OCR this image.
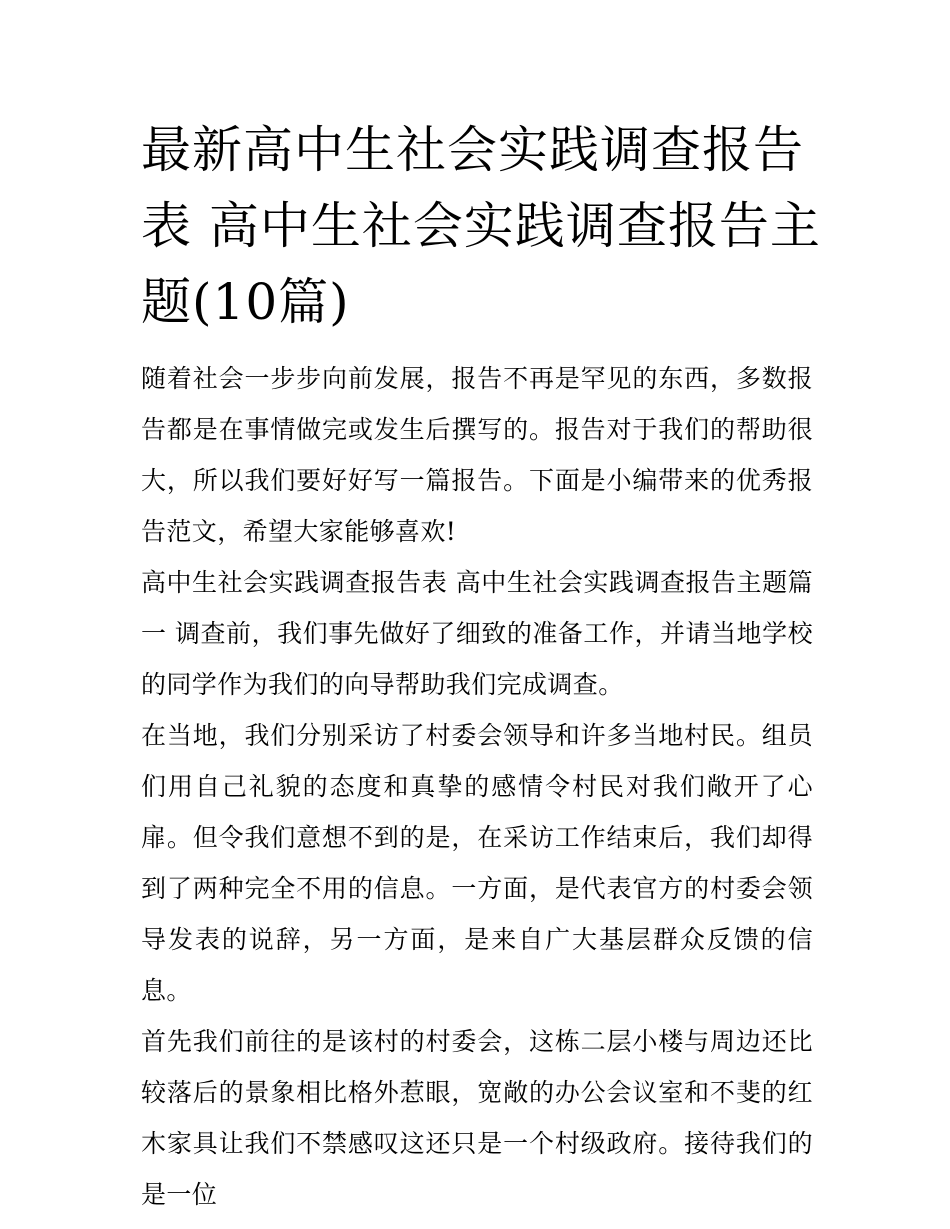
最新高中生社会实践调查报告表 高中生社会实践调查报告主题(10篇)

随着社会一步步向前发展，报告不再是罕见的东西，多数报告都是在事情做完或发生后撰写的。报告对于我们的帮助很大，所以我们要好好写一篇报告。下面是小编带来的优秀报告范文，希望大家能够喜欢!

高中生社会实践调查报告表 高中生社会实践调查报告主题篇一 调查前，我们事先做好了细致的准备工作，并请当地学校的同学作为我们的向导帮助我们完成调查。

在当地，我们分别采访了村委会领导和许多当地村民。组员们用自己礼貌的态度和真挚的感情令村民对我们敞开了心扉。但令我们意想不到的是，在采访工作结束后，我们却得到了两种完全不用的信息。一方面，是代表官方的村委会领导发表的说辞，另一方面，是来自广大基层群众反馈的信息。

首先我们前往的是该村的村委会，这栋二层小楼与周边还比较落后的景象相比格外惹眼，宽敞的办公会议室和不斐的红木家具让我们不禁感叹这还只是一个村级政府。接待我们的是一位
